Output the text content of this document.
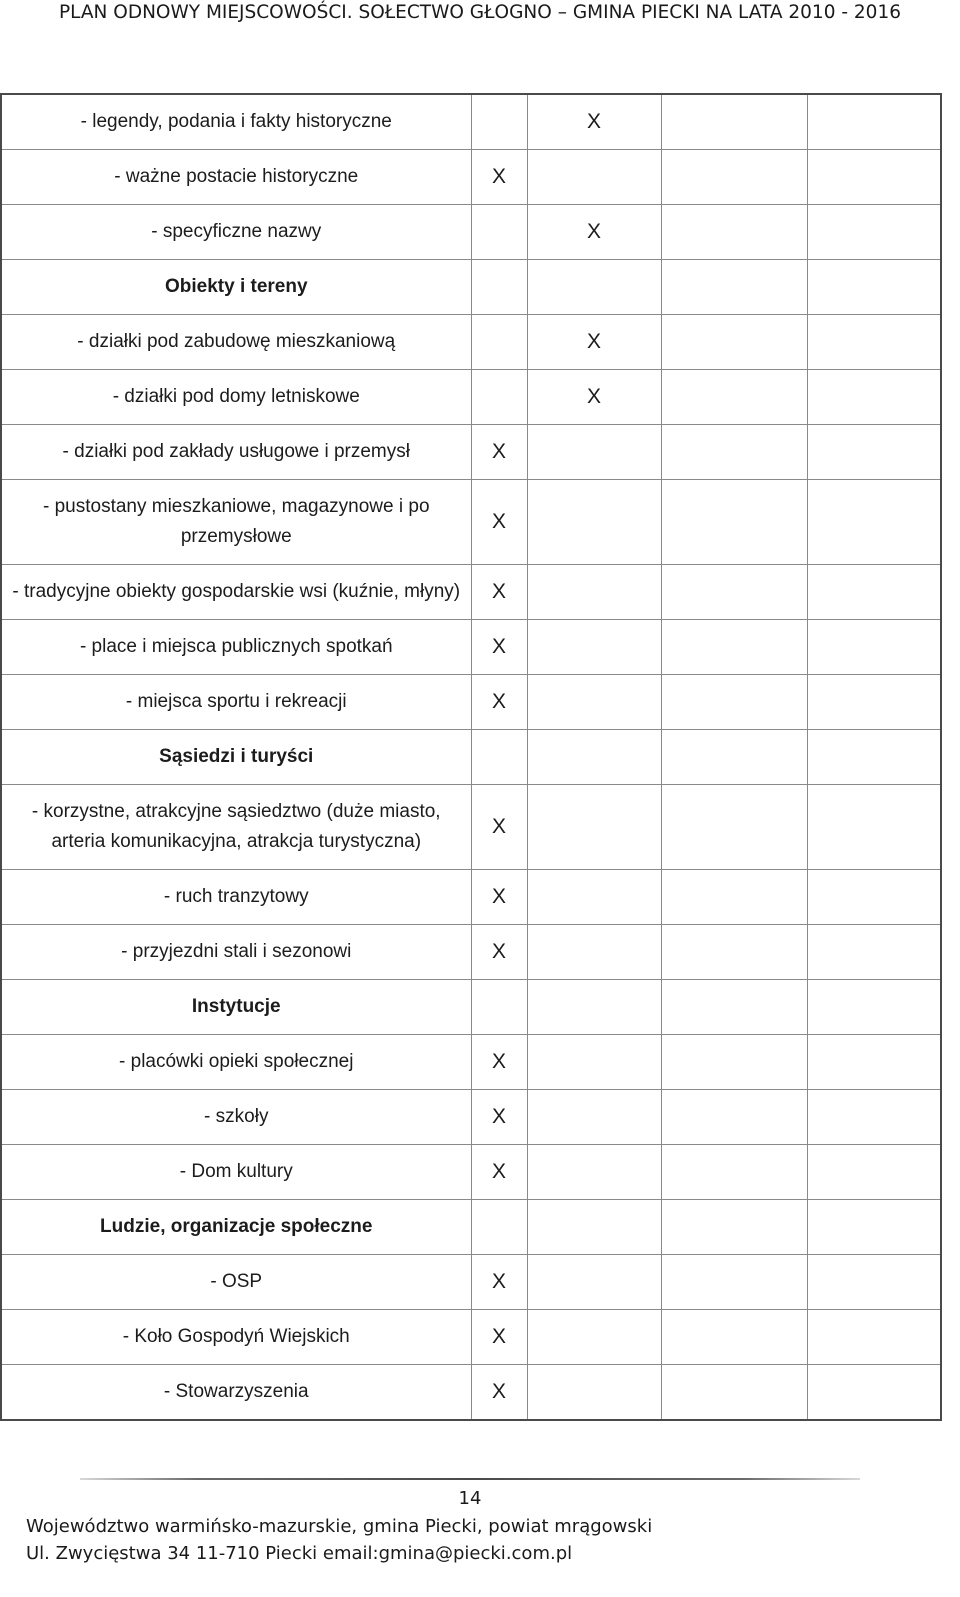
PLAN ODNOWY MIEJSCOWOŚCI. SOŁECTWO GŁOGNO – GMINA PIECKI NA LATA 2010 - 2016
- legendy, podania i fakty historyczne		X		
- ważne postacie historyczne	X			
- specyficzne nazwy		X		
Obiekty i tereny				
- działki pod zabudowę mieszkaniową		X		
- działki pod domy letniskowe		X		
- działki pod zakłady usługowe i przemysł	X			
- pustostany mieszkaniowe, magazynowe i po przemysłowe	X			
- tradycyjne obiekty gospodarskie wsi (kuźnie, młyny)	X			
- place i miejsca publicznych spotkań	X			
- miejsca sportu i rekreacji	X			
Sąsiedzi i turyści				
- korzystne, atrakcyjne sąsiedztwo (duże miasto, arteria komunikacyjna, atrakcja turystyczna)	X			
- ruch tranzytowy	X			
- przyjezdni stali i sezonowi	X			
Instytucje				
- placówki opieki społecznej	X			
- szkoły	X			
- Dom kultury	X			
Ludzie, organizacje społeczne				
- OSP	X			
- Koło Gospodyń Wiejskich	X			
- Stowarzyszenia	X			
14
Województwo warmińsko-mazurskie, gmina Piecki, powiat mrągowski
Ul. Zwycięstwa 34 11-710 Piecki email:gmina@piecki.com.pl
